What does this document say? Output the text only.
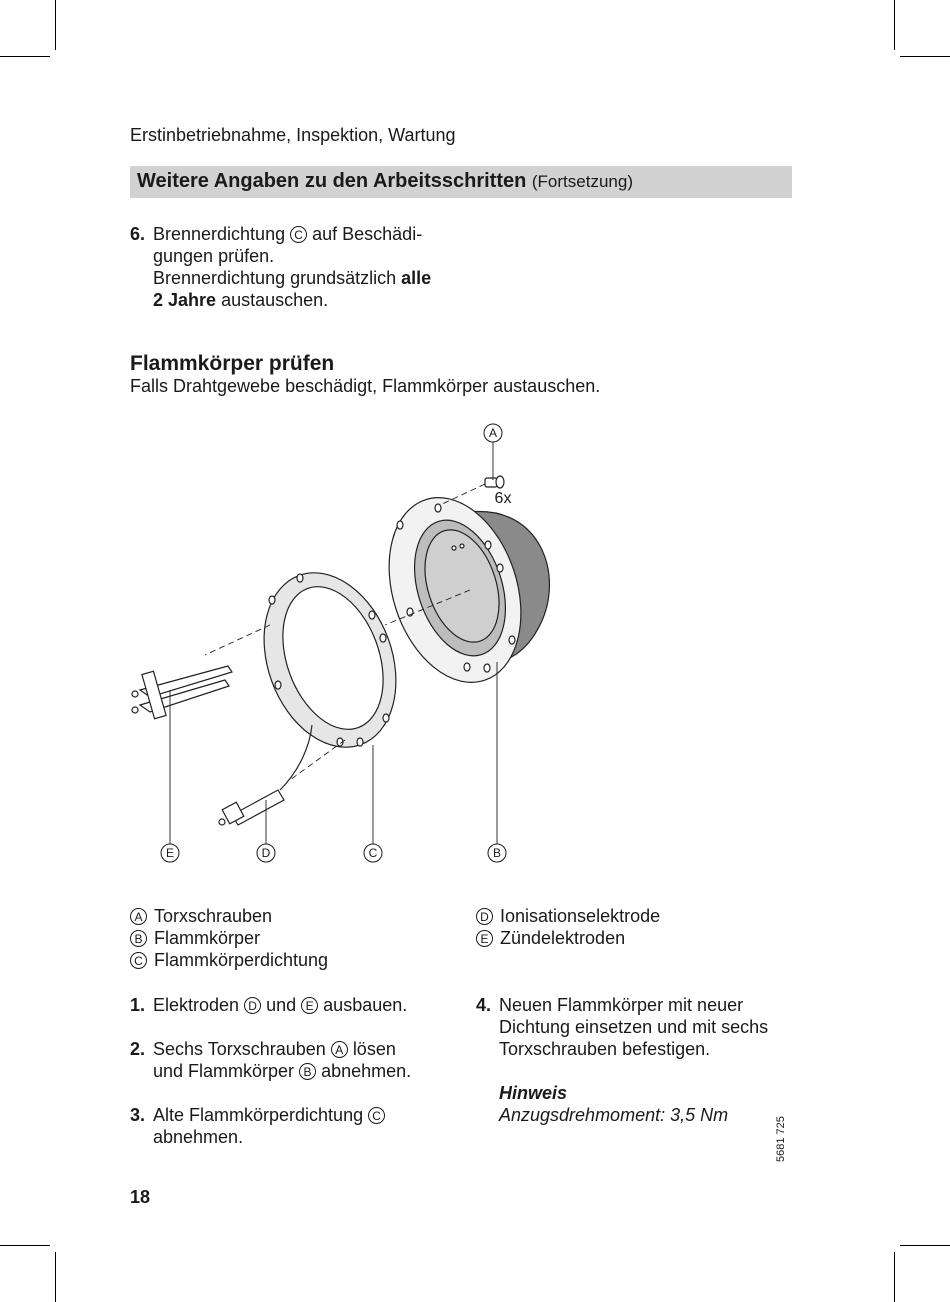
Erstinbetriebnahme, Inspektion, Wartung
Weitere Angaben zu den Arbeitsschritten (Fortsetzung)
6. Brennerdichtung C auf Beschädi-
gungen prüfen.
Brennerdichtung grundsätzlich alle
2 Jahre austauschen.
Flammkörper prüfen
Falls Drahtgewebe beschädigt, Flammkörper austauschen.
A
B
C
D
E
6x
A Torxschrauben
B Flammkörper
C Flammkörperdichtung
D Ionisationselektrode
E Zündelektroden
1. Elektroden D und E ausbauen.
2. Sechs Torxschrauben A lösen
und Flammkörper B abnehmen.
3. Alte Flammkörperdichtung C
abnehmen.
4. Neuen Flammkörper mit neuer
Dichtung einsetzen und mit sechs
Torxschrauben befestigen.
Hinweis
Anzugsdrehmoment: 3,5 Nm
18
5681 725
